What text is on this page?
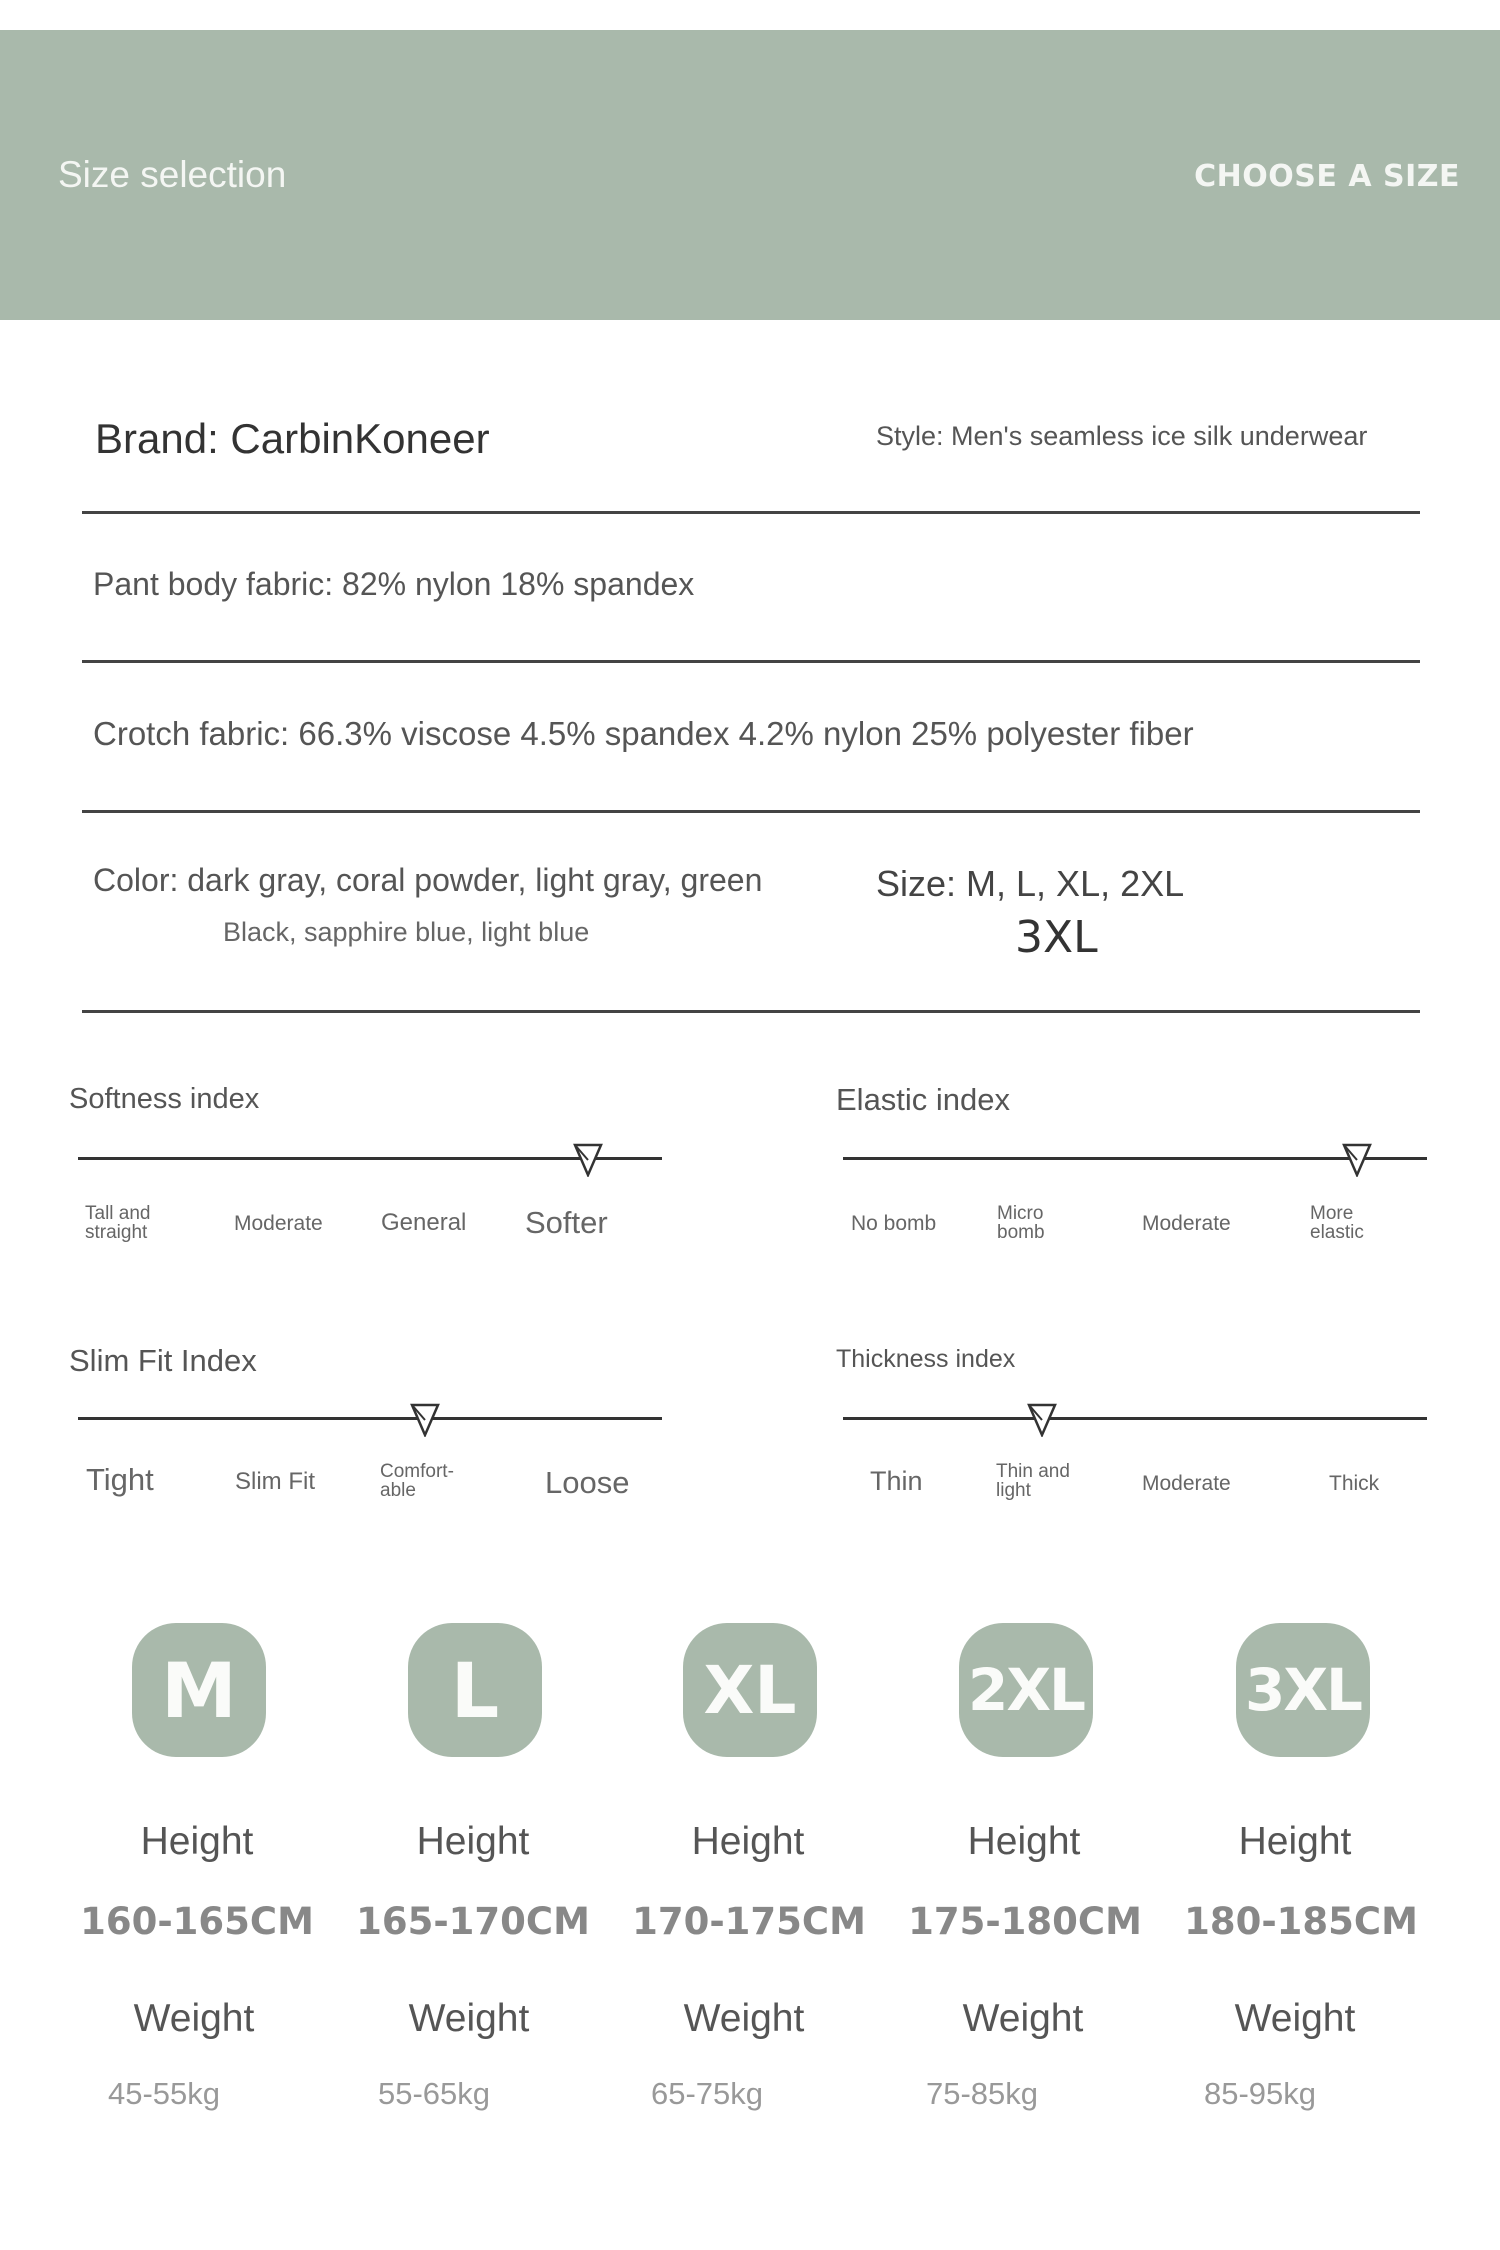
Size selection	CHOOSE A SIZE
Brand: CarbinKoneer	Style: Men's seamless ice silk underwear
Pant body fabric: 82% nylon 18% spandex
Crotch fabric: 66.3% viscose 4.5% spandex 4.2% nylon 25% polyester fiber
Color: dark gray, coral powder, light gray, green
Black, sapphire blue, light blue
Size: M, L, XL, 2XL
3XL
Softness index
Tall and straight	Moderate General Softer
Elastic index
No bomb	Micro bomb	Moderate	More elastic
Slim Fit Index
Tight	Slim Fit	Comfort-able	Loose
Thickness index
Thin	Thin and light	Moderate	Thick
M
Height
160-165CM
Weight
45-55kg
L
Height
165-170CM
Weight
55-65kg
XL
Height
170-175CM
Weight
65-75kg
2XL
Height
175-180CM
Weight
75-85kg
3XL
Height
180-185CM
Weight
85-95kg
